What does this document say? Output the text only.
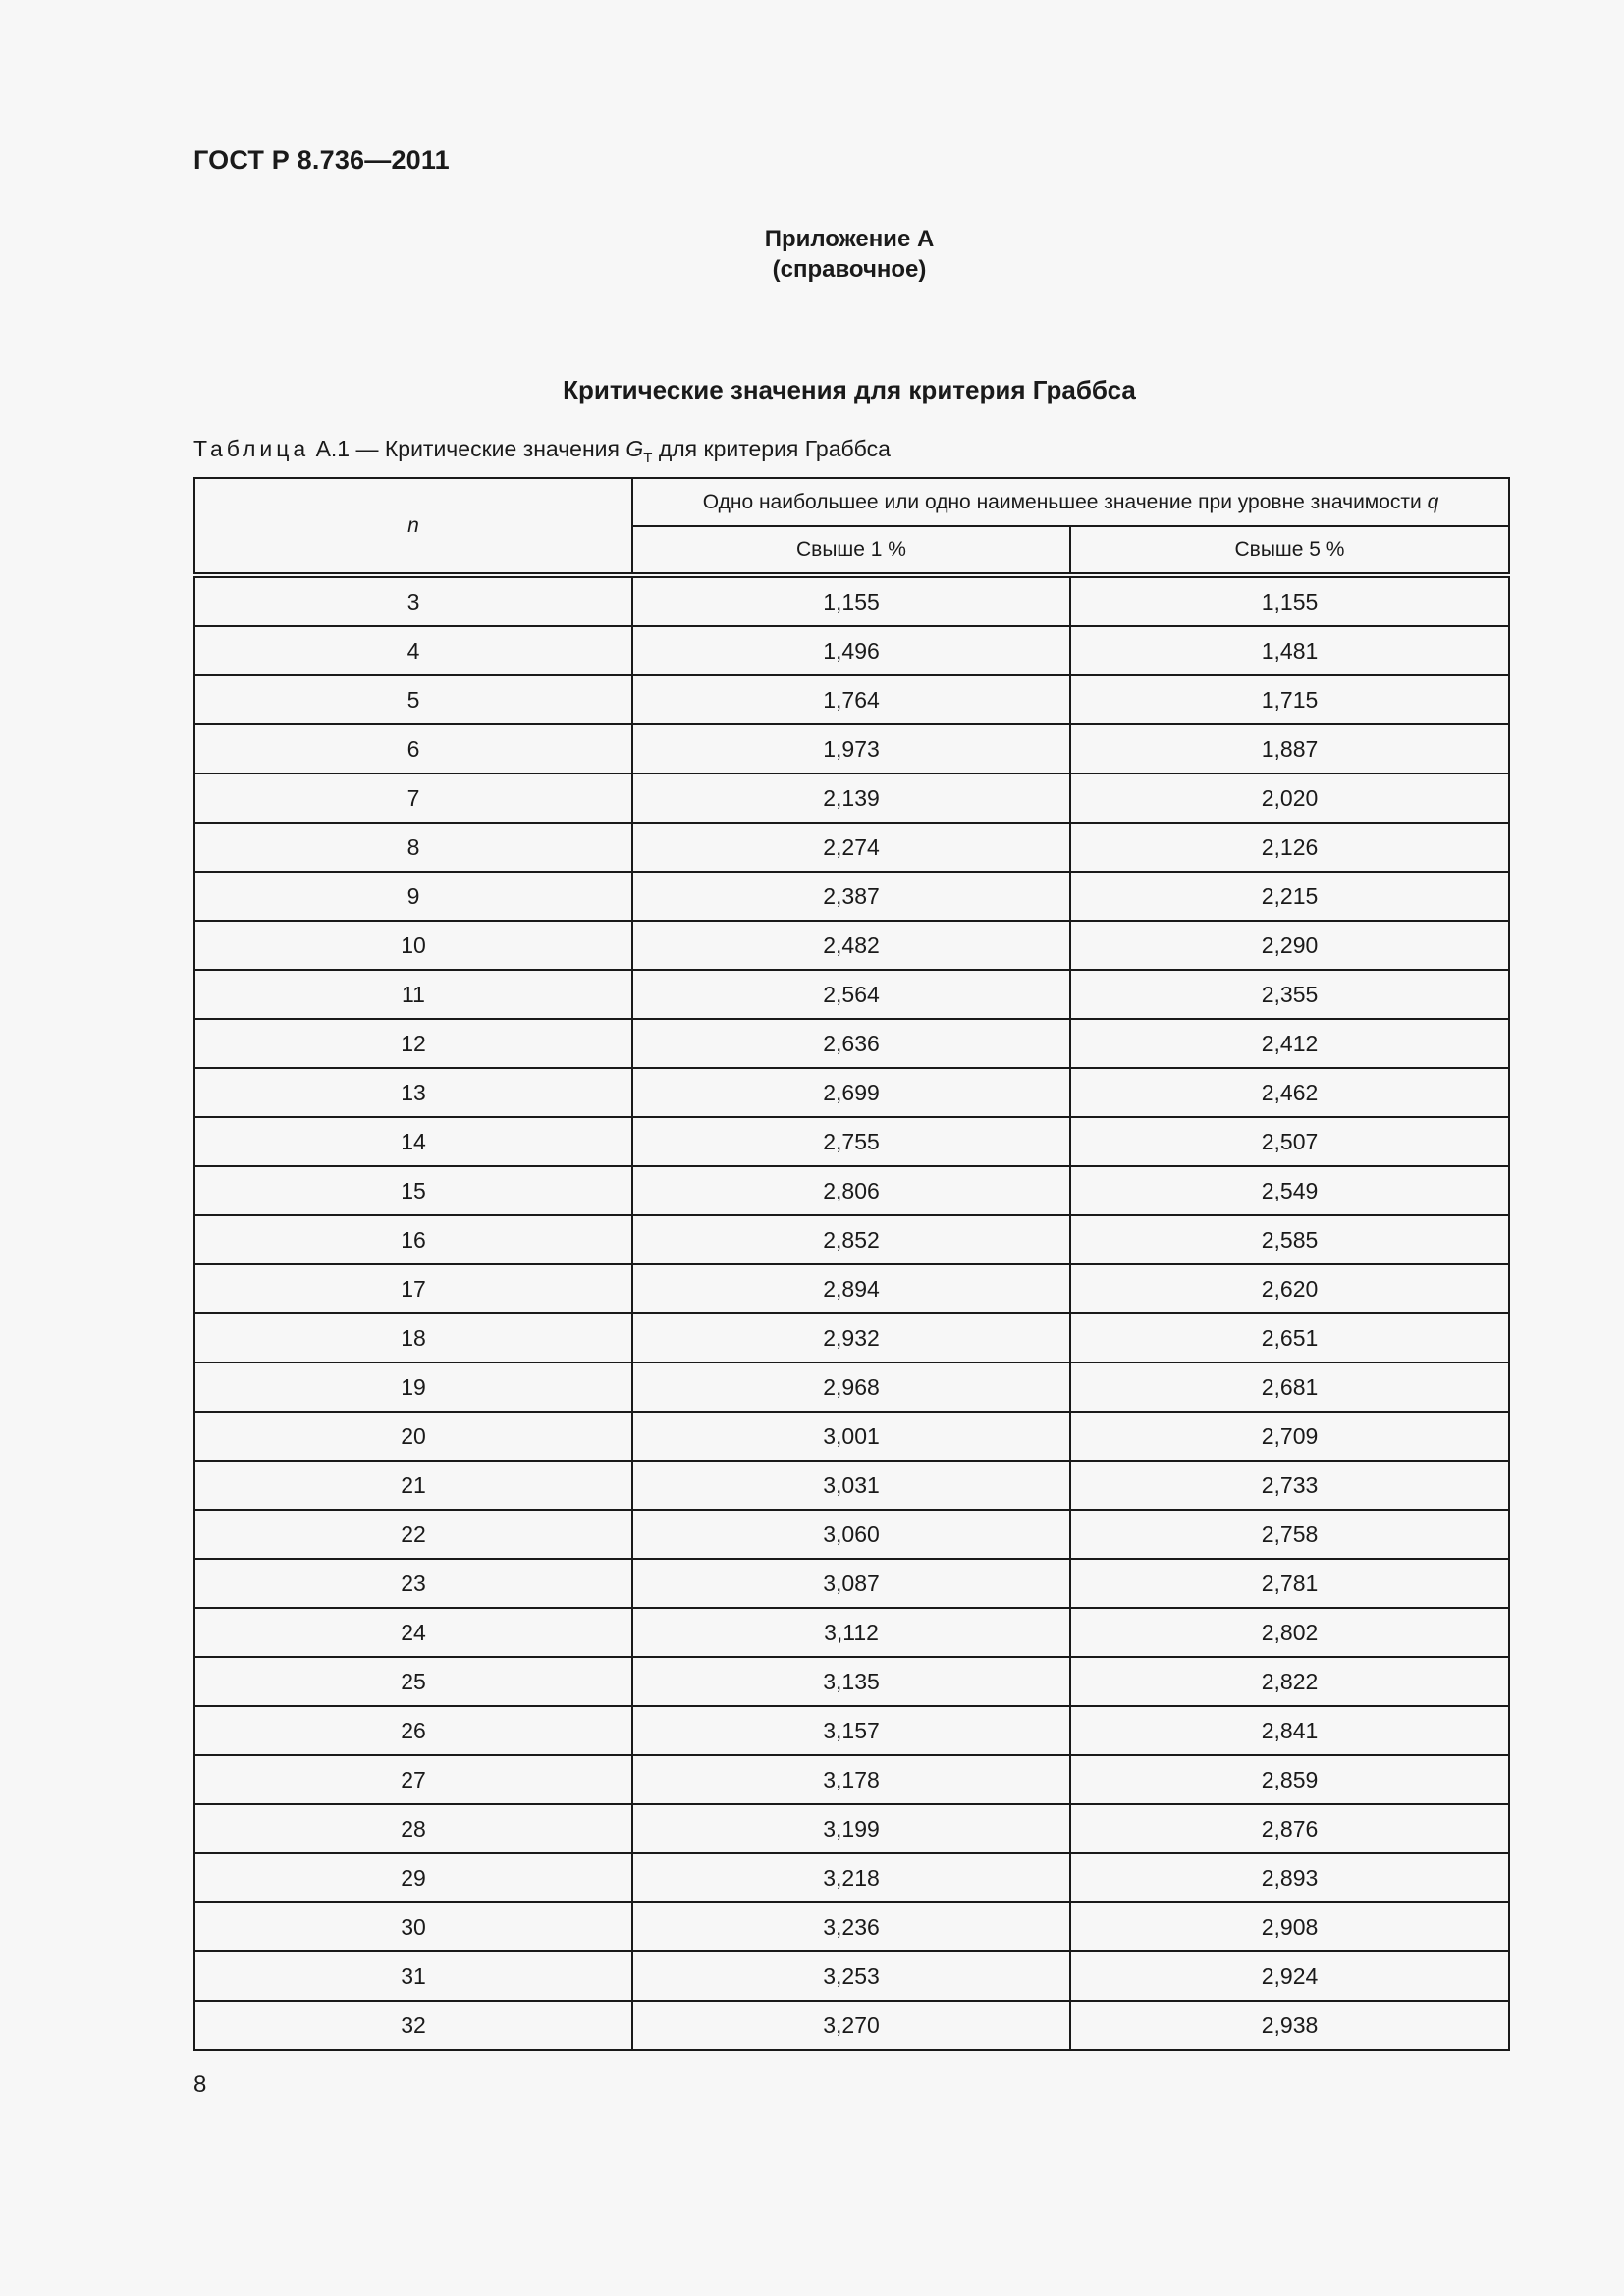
ГОСТ Р 8.736—2011
Приложение А
(справочное)
Критические значения для критерия Граббса
Таблица А.1 — Критические значения $G_Т$ для критерия Граббса
n	Одно наибольшее или одно наименьшее значение при уровне значимости q	
	Свыше 1 %	Свыше 5 %
3	1,155	1,155
4	1,496	1,481
5	1,764	1,715
6	1,973	1,887
7	2,139	2,020
8	2,274	2,126
9	2,387	2,215
10	2,482	2,290
11	2,564	2,355
12	2,636	2,412
13	2,699	2,462
14	2,755	2,507
15	2,806	2,549
16	2,852	2,585
17	2,894	2,620
18	2,932	2,651
19	2,968	2,681
20	3,001	2,709
21	3,031	2,733
22	3,060	2,758
23	3,087	2,781
24	3,112	2,802
25	3,135	2,822
26	3,157	2,841
27	3,178	2,859
28	3,199	2,876
29	3,218	2,893
30	3,236	2,908
31	3,253	2,924
32	3,270	2,938
8
